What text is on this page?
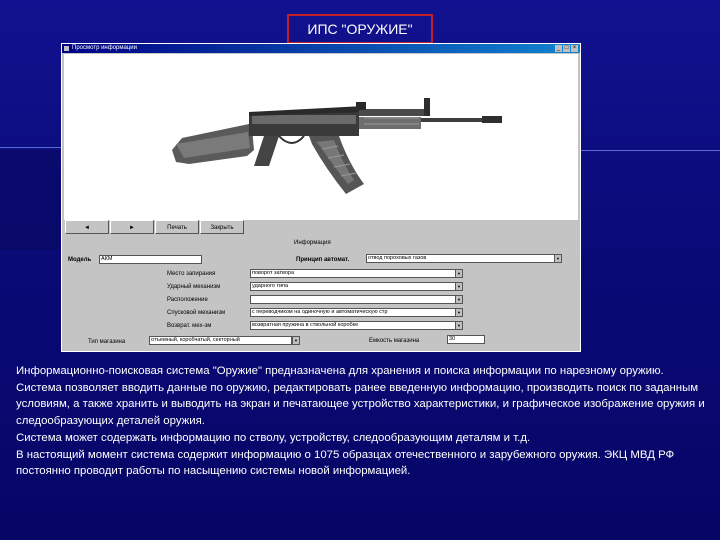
ИПС "ОРУЖИЕ"
Просмотр информации	_ □ ×
◄	►	Печать	Закрыть
Информация
Модель	АКМ	Принцип автомат.	отвод пороховых газов	▼
Место запирания	поворот затвора	▼
Ударный механизм	ударного типа	▼
Расположение	▼
Спусковой механизм	с переводчиком на одиночную и автоматическую стр	▼
Возврат. мех-зм	возвратная пружина в ствольной коробке	▼
Тип магазина	отъемный, коробчатый, секторный	▼	Емкость магазина	30

Информационно-поисковая система "Оружие" предназначена для хранения и поиска информации по нарезному оружию.

Система позволяет вводить данные по оружию, редактировать ранее введенную информацию, производить поиск по заданным условиям, а также хранить и выводить на экран и печатающее устройство характеристики, и графическое изображение оружия и следообразующих деталей оружия.

Система может содержать информацию по стволу, устройству, следообразующим деталям и т.д.

В настоящий момент система содержит информацию о 1075 образцах отечественного и зарубежного оружия. ЭКЦ МВД РФ постоянно проводит работы по насыщению системы новой информацией.
